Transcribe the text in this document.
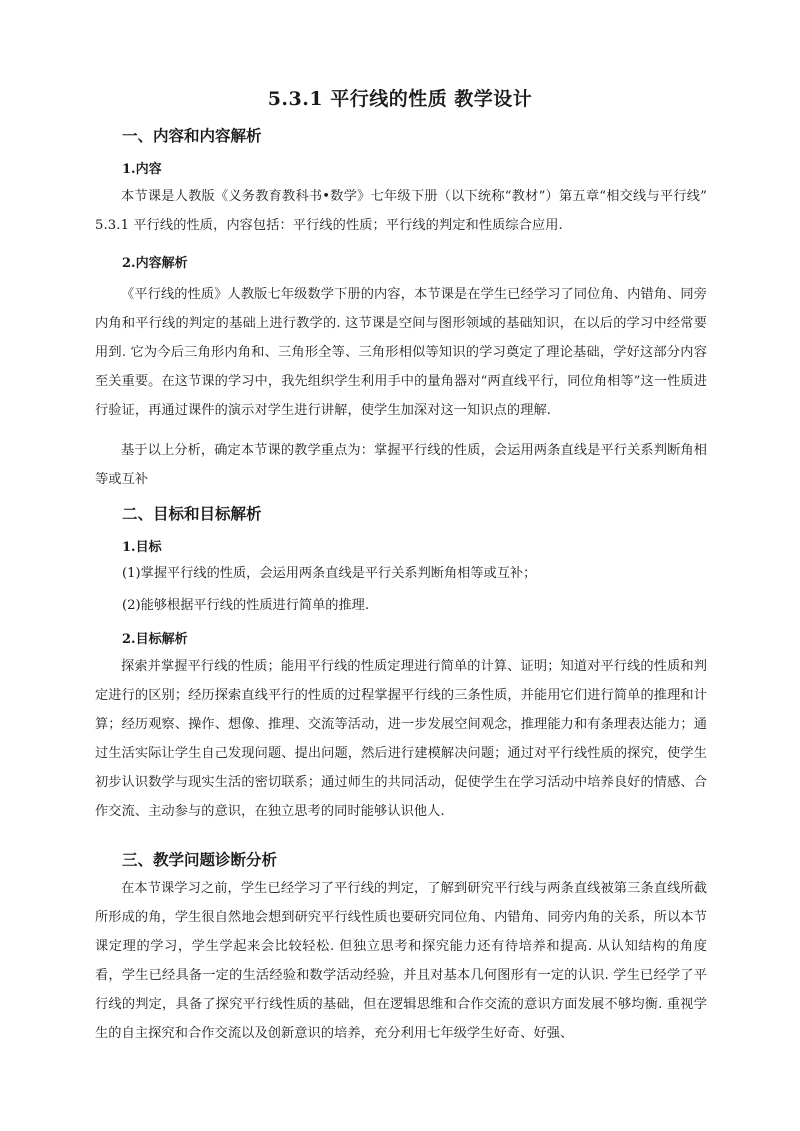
5.3.1 平行线的性质 教学设计
一、内容和内容解析
1.内容

本节课是人教版《义务教育教科书•数学》七年级下册（以下统称“教材”）第五章“相交线与平行线” 5.3.1 平行线的性质，内容包括：平行线的性质；平行线的判定和性质综合应用.

2.内容解析

《平行线的性质》人教版七年级数学下册的内容，本节课是在学生已经学习了同位角、内错角、同旁内角和平行线的判定的基础上进行教学的. 这节课是空间与图形领域的基础知识，在以后的学习中经常要用到. 它为今后三角形内角和、三角形全等、三角形相似等知识的学习奠定了理论基础，学好这部分内容至关重要。在这节课的学习中，我先组织学生利用手中的量角器对“两直线平行，同位角相等”这一性质进行验证，再通过课件的演示对学生进行讲解，使学生加深对这一知识点的理解.

基于以上分析，确定本节课的教学重点为：掌握平行线的性质，会运用两条直线是平行关系判断角相等或互补

二、目标和目标解析
1.目标
(1)掌握平行线的性质，会运用两条直线是平行关系判断角相等或互补；
(2)能够根据平行线的性质进行简单的推理.
2.目标解析

探索并掌握平行线的性质；能用平行线的性质定理进行简单的计算、证明；知道对平行线的性质和判定进行的区别；经历探索直线平行的性质的过程掌握平行线的三条性质，并能用它们进行简单的推理和计算；经历观察、操作、想像、推理、交流等活动，进一步发展空间观念，推理能力和有条理表达能力；通过生活实际让学生自己发现问题、提出问题，然后进行建模解决问题；通过对平行线性质的探究，使学生初步认识数学与现实生活的密切联系；通过师生的共同活动，促使学生在学习活动中培养良好的情感、合作交流、主动参与的意识，在独立思考的同时能够认识他人.

三、教学问题诊断分析

在本节课学习之前，学生已经学习了平行线的判定，了解到研究平行线与两条直线被第三条直线所截所形成的角，学生很自然地会想到研究平行线性质也要研究同位角、内错角、同旁内角的关系，所以本节课定理的学习，学生学起来会比较轻松. 但独立思考和探究能力还有待培养和提高. 从认知结构的角度看，学生已经具备一定的生活经验和数学活动经验，并且对基本几何图形有一定的认识. 学生已经学了平行线的判定，具备了探究平行线性质的基础，但在逻辑思维和合作交流的意识方面发展不够均衡. 重视学生的自主探究和合作交流以及创新意识的培养，充分利用七年级学生好奇、好强、
